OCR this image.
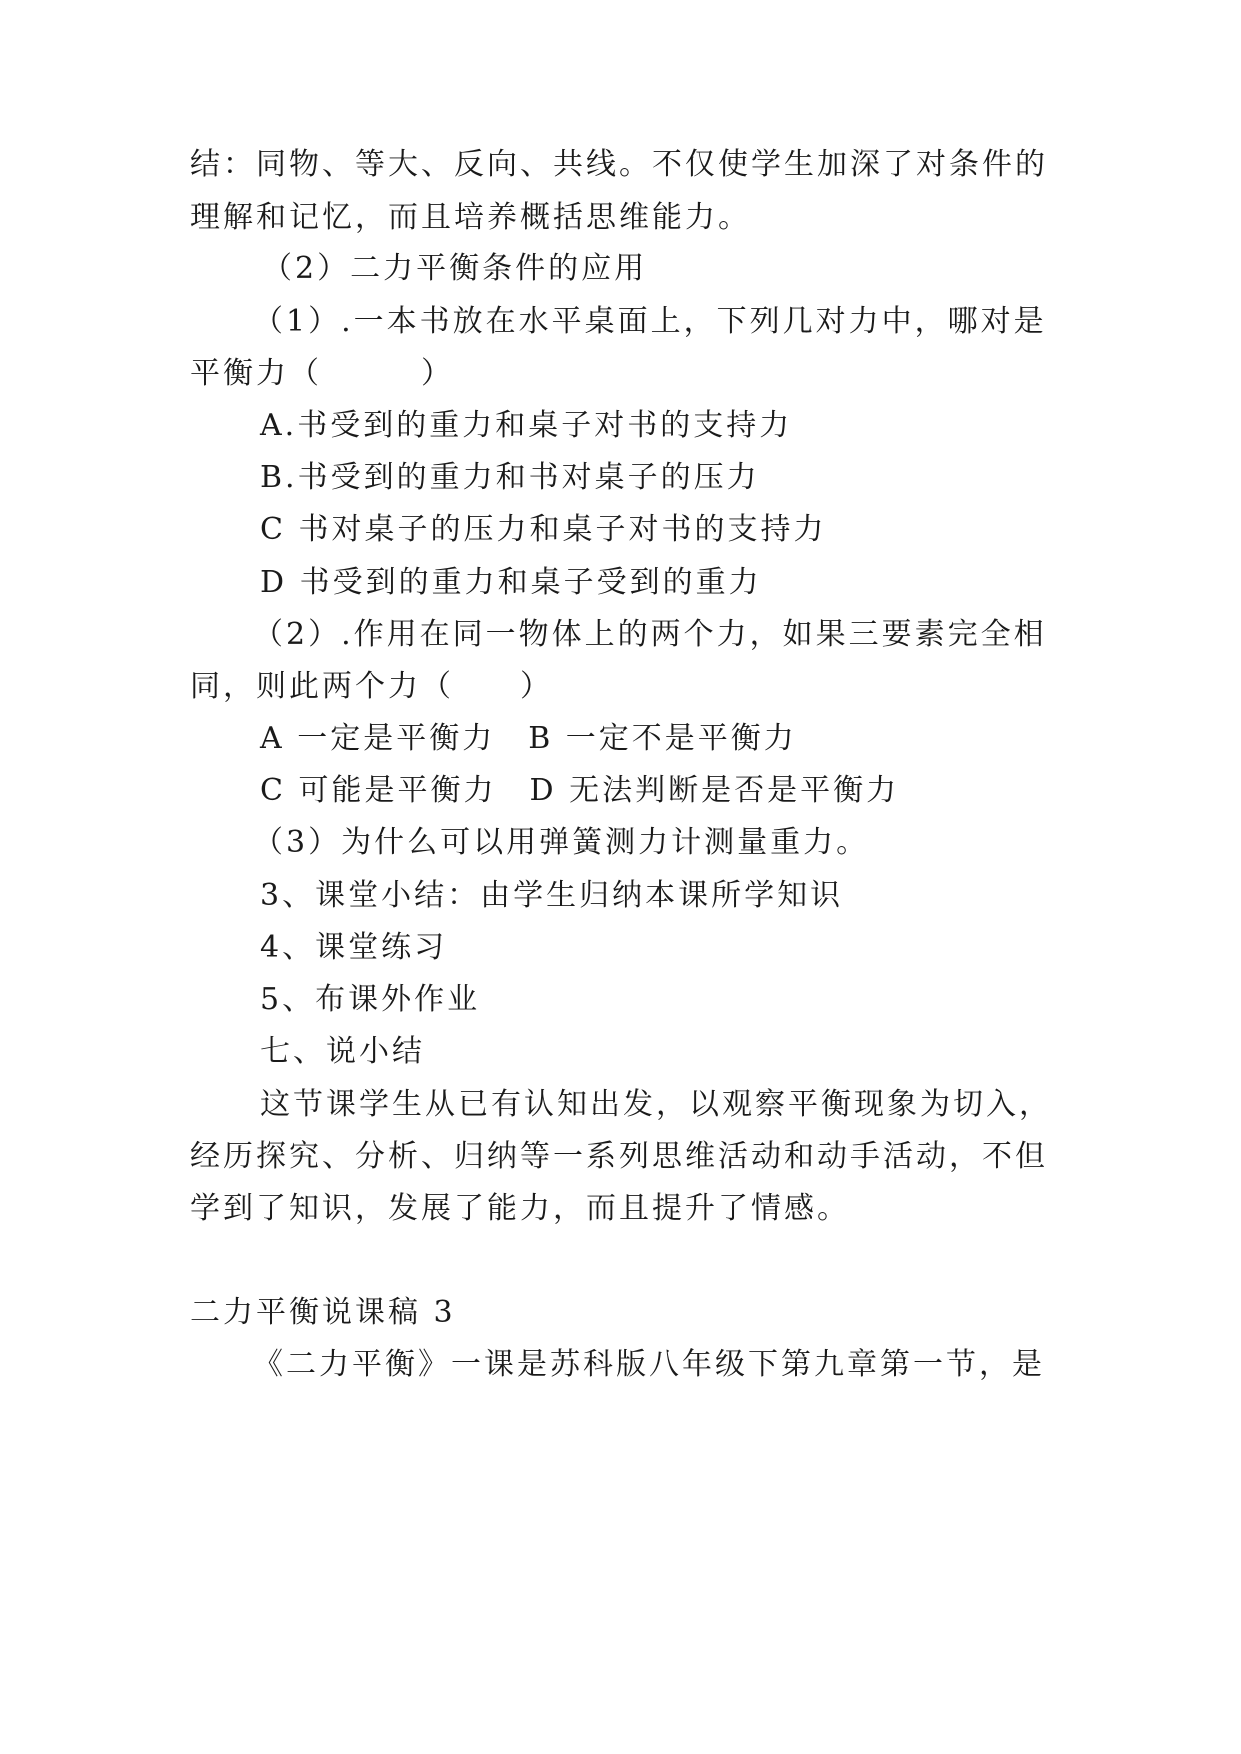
结：同物、等大、反向、共线。不仅使学生加深了对条件的
理解和记忆，而且培养概括思维能力。
（2）二力平衡条件的应用
（1）.一本书放在水平桌面上，下列几对力中，哪对是
平衡力（　　　）
A.书受到的重力和桌子对书的支持力
B.书受到的重力和书对桌子的压力
C 书对桌子的压力和桌子对书的支持力
D 书受到的重力和桌子受到的重力
（2）.作用在同一物体上的两个力，如果三要素完全相
同，则此两个力（　　）
A 一定是平衡力　B 一定不是平衡力
C 可能是平衡力　D 无法判断是否是平衡力
（3）为什么可以用弹簧测力计测量重力。
3、课堂小结：由学生归纳本课所学知识
4、课堂练习
5、布课外作业
七、说小结
这节课学生从已有认知出发，以观察平衡现象为切入，
经历探究、分析、归纳等一系列思维活动和动手活动，不但
学到了知识，发展了能力，而且提升了情感。
二力平衡说课稿 3
《二力平衡》一课是苏科版八年级下第九章第一节，是
